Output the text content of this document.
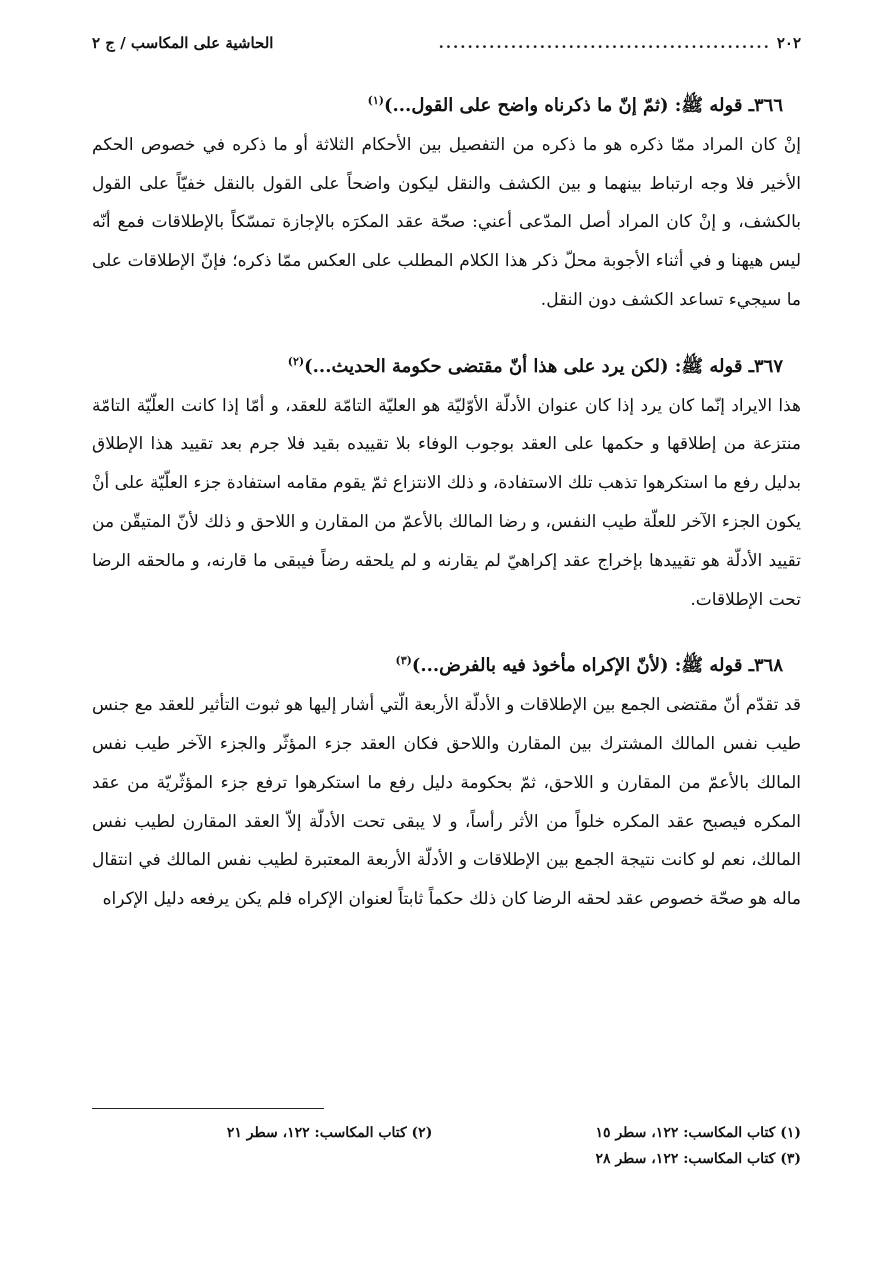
٢٠٢
..............................................
الحاشية على المكاسب / ج ٢

٣٦٦ـ قوله ﷺ: (ثمّ إنّ ما ذكرناه واضح على القول...)$^{(١)}$

إنْ كان المراد ممّا ذكره هو ما ذكره من التفصيل بين الأحكام الثلاثة أو ما ذكره في خصوص الحكم الأخير فلا وجه ارتباط بينهما و بين الكشف والنقل ليكون واضحاً على القول بالنقل خفيّاً على القول بالكشف، و إنْ كان المراد أصل المدّعى أعني: صحّة عقد المكرَه بالإجازة تمسّكاً بالإطلاقات فمع أنّه ليس هيهنا و في أثناء الأجوبة محلّ ذكر هذا الكلام المطلب على العكس ممّا ذكره؛ فإنّ الإطلاقات على ما سيجيء تساعد الكشف دون النقل.

٣٦٧ـ قوله ﷺ: (لكن يرد على هذا أنّ مقتضى حكومة الحديث...)$^{(٢)}$

هذا الايراد إنّما كان يرد إذا كان عنوان الأدلّة الأوّليّة هو العليّة التامّة للعقد، و أمّا إذا كانت العلّيّة التامّة منتزعة من إطلاقها و حكمها على العقد بوجوب الوفاء بلا تقييده بقيد فلا جرم بعد تقييد هذا الإطلاق بدليل رفع ما استكرهوا تذهب تلك الاستفادة، و ذلك الانتزاع ثمّ يقوم مقامه استفادة جزء العلّيّة على أنْ يكون الجزء الآخر للعلّة طيب النفس، و رضا المالك بالأعمّ من المقارن و اللاحق و ذلك لأنّ المتيقّن من تقييد الأدلّة هو تقييدها بإخراج عقد إكراهيّ لم يقارنه و لم يلحقه رضاً فيبقى ما قارنه، و مالحقه الرضا تحت الإطلاقات.

٣٦٨ـ قوله ﷺ: (لأنّ الإكراه مأخوذ فيه بالفرض...)$^{(٣)}$

قد تقدّم أنّ مقتضى الجمع بين الإطلاقات و الأدلّة الأربعة الّتي أشار إليها هو ثبوت التأثير للعقد مع جنس طيب نفس المالك المشترك بين المقارن واللاحق فكان العقد جزء المؤثّر والجزء الآخر طيب نفس المالك بالأعمّ من المقارن و اللاحق، ثمّ بحكومة دليل رفع ما استكرهوا ترفع جزء المؤثّريّة من عقد المكره فيصبح عقد المكره خلواً من الأثر رأساً، و لا يبقى تحت الأدلّة إلاّ العقد المقارن لطيب نفس المالك، نعم لو كانت نتيجة الجمع بين الإطلاقات و الأدلّة الأربعة المعتبرة لطيب نفس المالك في انتقال ماله هو صحّة خصوص عقد لحقه الرضا كان ذلك حكماً ثابتاً لعنوان الإكراه فلم يكن يرفعه دليل الإكراه

(١) كتاب المكاسب: ١٢٢، سطر ١٥
(٢) كتاب المكاسب: ١٢٢، سطر ٢١
(٣) كتاب المكاسب: ١٢٢، سطر ٢٨
